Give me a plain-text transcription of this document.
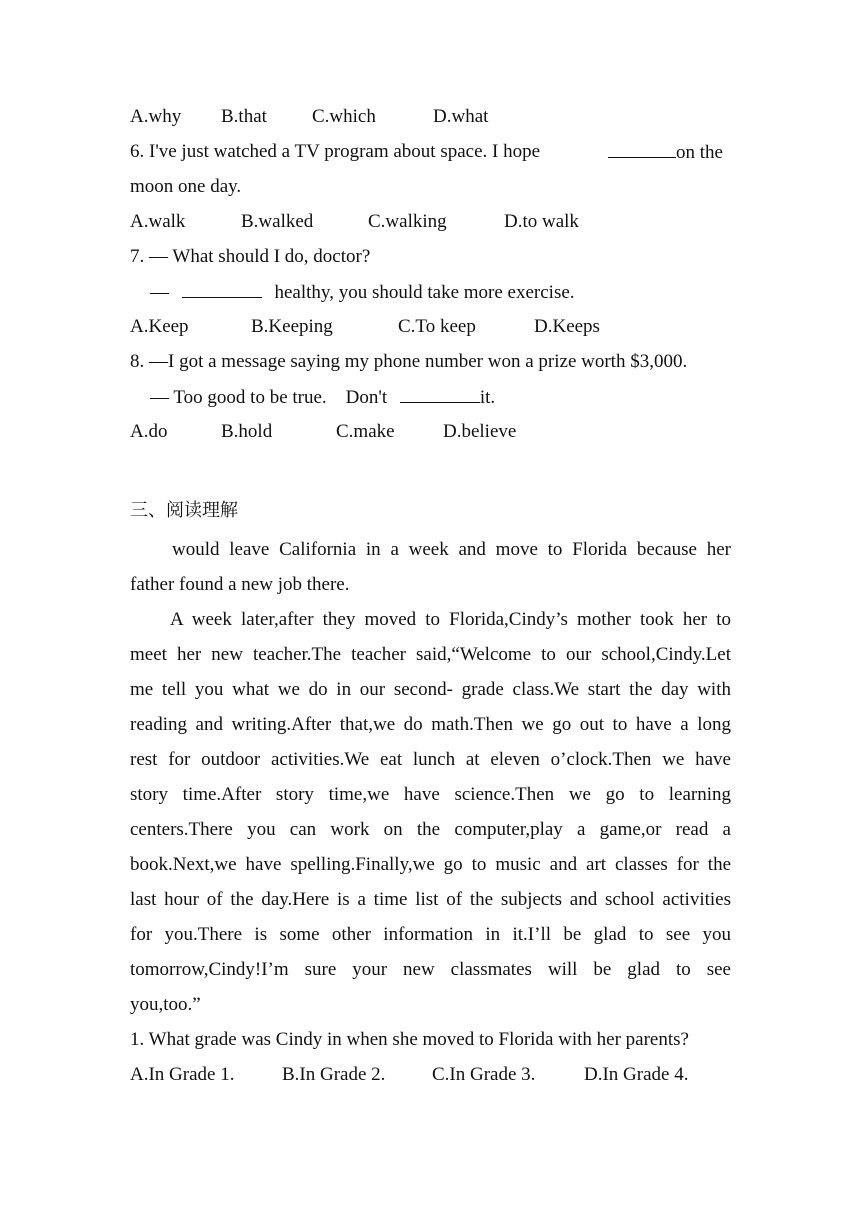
A.why B.that C.which	D.what
6. I've just watched a TV program about space. I hope	on the
moon one day.
A.walk	B.walked	C.walking	D.to walk
7. — What should I do, doctor?
—	healthy, you should take more exercise.
A.Keep	B.Keeping	C.To keep	D.Keeps
8. —I got a message saying my phone number won a prize worth $3,000.
— Too good to be true.    Don't	it.
A.do	B.hold	C.make	D.believe
三、阅读理解
would leave California in a week and move to Florida because her
father found a new job there.
A week later,after they moved to Florida,Cindy’s mother took her to
meet her new teacher.The teacher said,“Welcome to our school,Cindy.Let
me tell you what we do in our second- grade class.We start the day with
reading and writing.After that,we do math.Then we go out to have a long
rest for outdoor activities.We eat lunch at eleven o’clock.Then we have
story time.After story time,we have science.Then we go to learning
centers.There you can work on the computer,play a game,or read a
book.Next,we have spelling.Finally,we go to music and art classes for the
last hour of the day.Here is a time list of the subjects and school activities
for you.There is some other information in it.I’ll be glad to see you
tomorrow,Cindy!I’m sure your new classmates will be glad to see
you,too.”
1. What grade was Cindy in when she moved to Florida with her parents?
A.In Grade 1.	B.In Grade 2. C.In Grade 3.	D.In Grade 4.
